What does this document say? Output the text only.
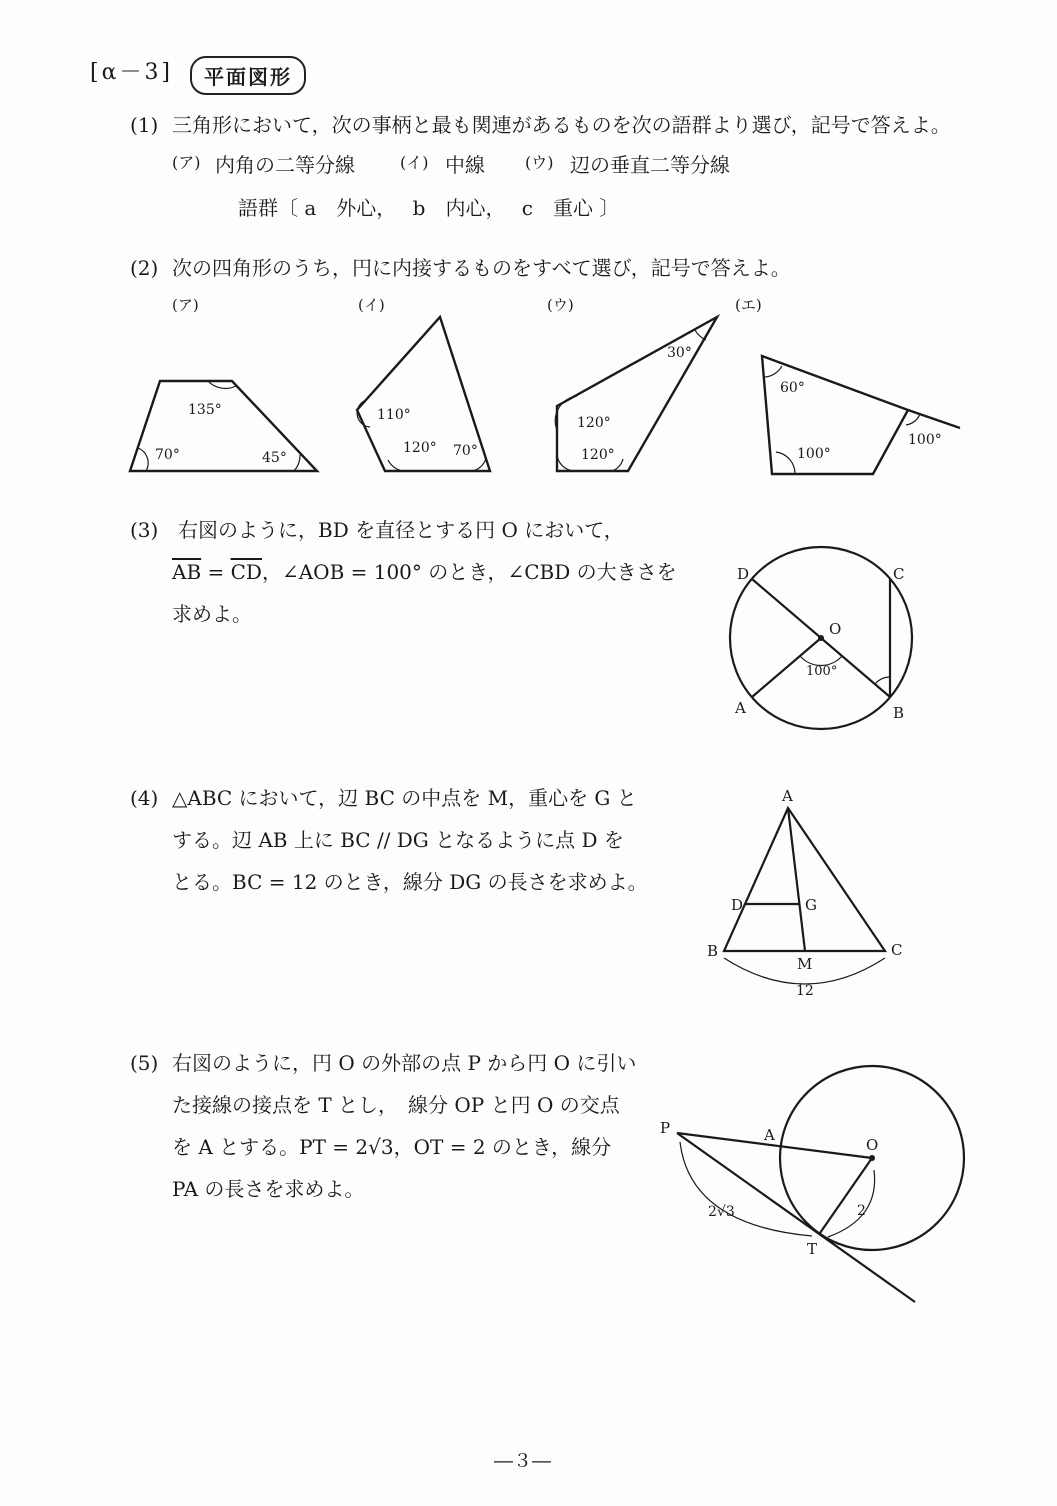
[α－3]	平面図形
(1) 三角形において，次の事柄と最も関連があるものを次の語群より選び，記号で答えよ。
(ア) 内角の二等分線	(イ) 中線	(ウ) 辺の垂直二等分線
語群〔 a　外心，　 b　内心，　 c　重心 〕
(2) 次の四角形のうち，円に内接するものをすべて選び，記号で答えよ。
(ア)	(イ)	(ウ)	(エ)
135°
70°	45°
110°
120° 70°
30°
120°
120°
60°
100°
100°
(3) 右図のように，BD を直径とする円 O において，
$\overline{AB} = \overline{CD}$，∠AOB = 100° のとき，∠CBD の大きさを
求めよ。
D	C
O
A	B
100°
(4) △ABC において，辺 BC の中点を M，重心を G と
する。辺 AB 上に BC // DG となるように点 D を
とる。BC = 12 のとき，線分 DG の長さを求めよ。
A
D	G
B
M
C
12
(5) 右図のように，円 O の外部の点 P から円 O に引い
た接線の接点を T とし，　線分 OP と円 O の交点
を A とする。PT = 2√3，OT = 2 のとき，線分
PA の長さを求めよ。
P	A
O
T
2√3	2
―３―
